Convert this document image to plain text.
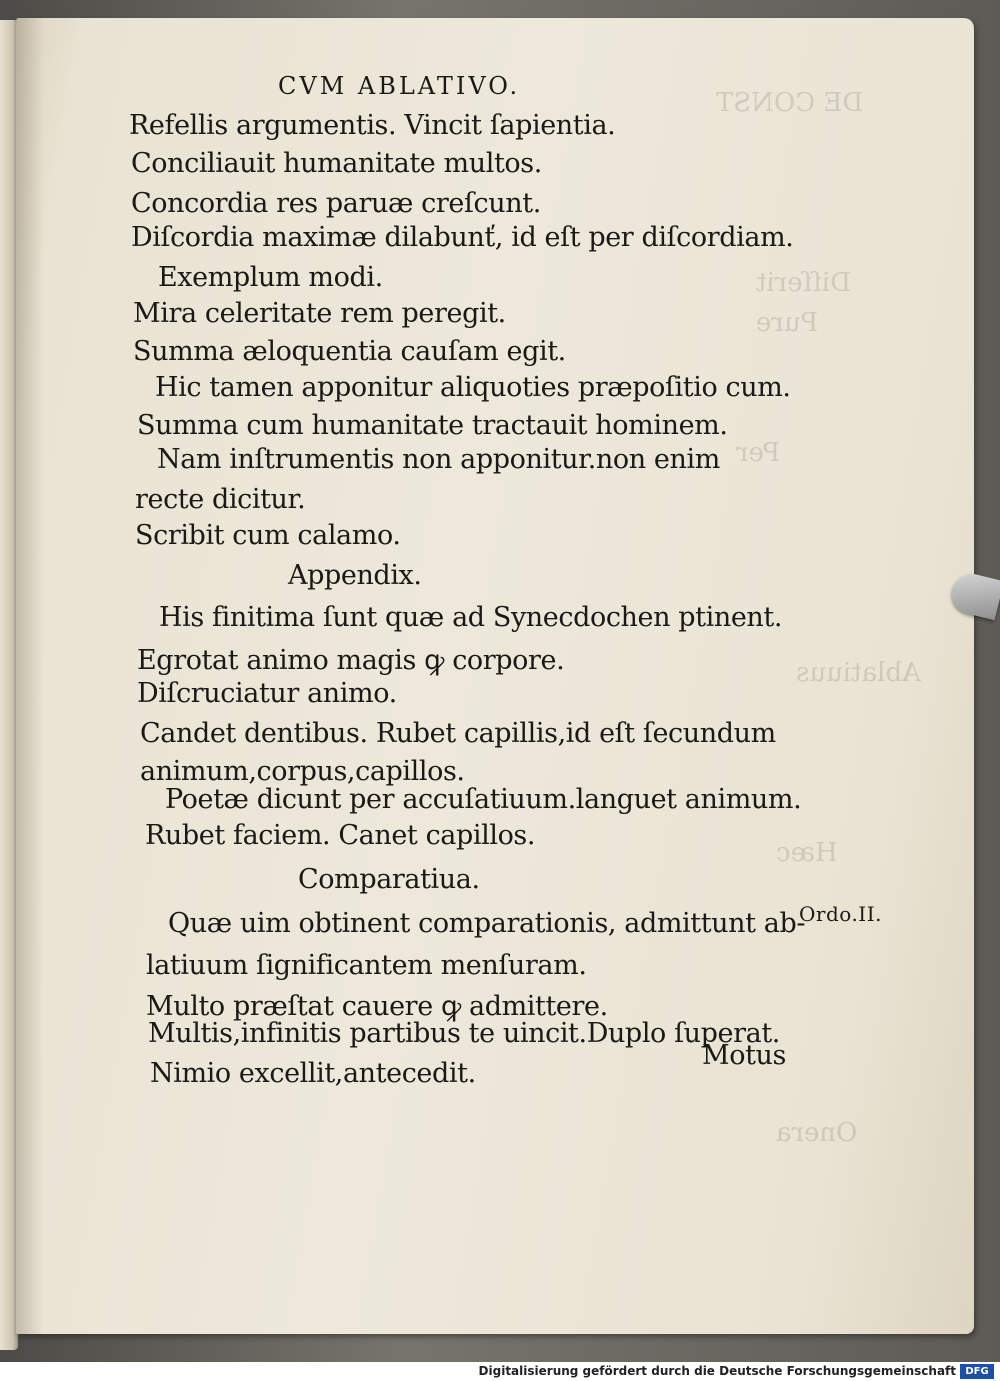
DE CONST
Diſſerit
Pure
Per
Ablatiuus
Hæc
Onera
CVM ABLATIVO.
Refellis argumentis. Vincit ſapientia.
Conciliauit humanitate multos.
Concordia res paruæ creſcunt.
Diſcordia maximæ dilabunť, id eſt per diſcordiam.
Exemplum modi.
Mira celeritate rem peregit.
Summa æloquentia cauſam egit.
Hic tamen apponitur aliquoties præpoſitio cum.
Summa cum humanitate tractauit hominem.
Nam inſtrumentis non apponitur.non enim
recte dicitur.
Scribit cum calamo.
Appendix.
His finitima ſunt quæ ad Synecdochen ptinent.
Egrotat animo magis ꝙ corpore.
Diſcruciatur animo.
Candet dentibus. Rubet capillis,id eſt ſecundum
animum,corpus,capillos.
Poetæ dicunt per accuſatiuum.languet animum.
Rubet faciem. Canet capillos.
Comparatiua.
Quæ uim obtinent comparationis, admittunt ab-
latiuum ſignificantem menſuram.
Multo præſtat cauere ꝙ admittere.
Multis,infinitis partibus te uincit.Duplo ſuperat.
Nimio excellit,antecedit.
Ordo.II.
Motus
Digitalisierung gefördert durch die Deutsche Forschungsgemeinschaft DFG
